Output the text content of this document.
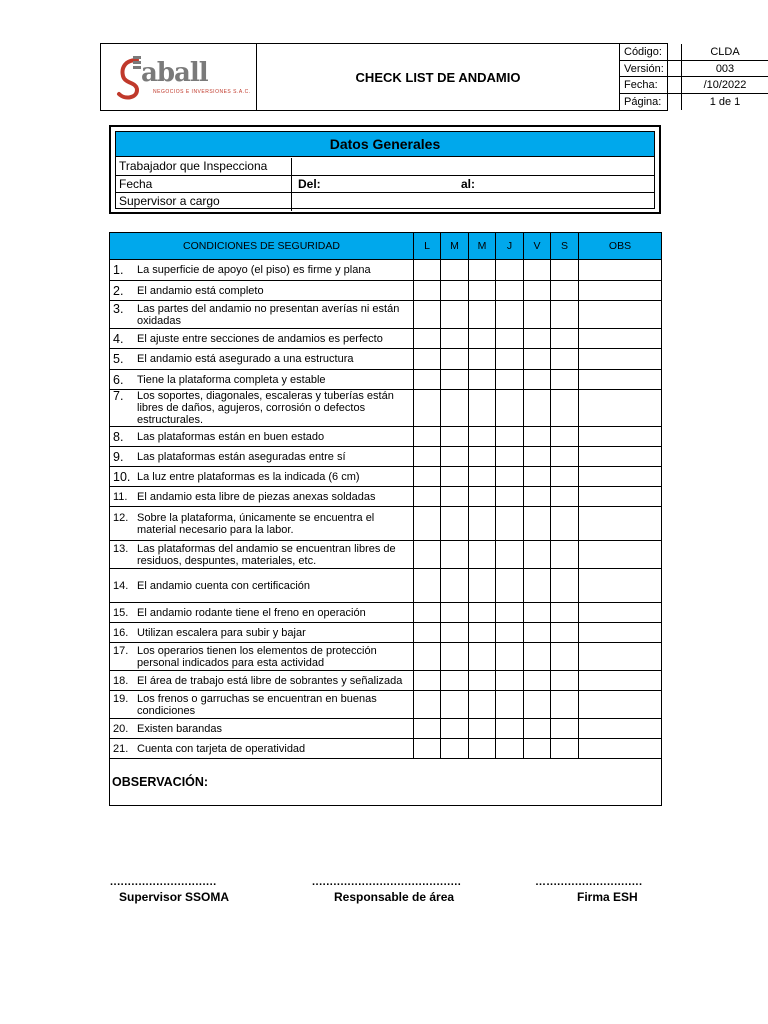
aball
NEGOCIOS E INVERSIONES S.A.C.
CHECK LIST DE ANDAMIO
Código:	CLDA
Versión:	003
Fecha:	/10/2022
Página:	1 de 1
Datos Generales
Trabajador que Inspecciona
Fecha	Del:	al:
Supervisor a cargo
CONDICIONES DE SEGURIDAD	L	M	M	J	V	S	OBS
1. La superficie de apoyo (el piso) es firme y plana							
2. El andamio está completo							
3. Las partes del andamio no presentan averías ni están oxidadas							
4. El ajuste entre secciones de andamios es perfecto							
5. El andamio está asegurado a una estructura							
6. Tiene la plataforma completa y estable							
7. Los soportes, diagonales, escaleras y tuberías están libres de daños, agujeros, corrosión o defectos estructurales.							
8. Las plataformas están en buen estado							
9. Las plataformas están aseguradas entre sí							
10. La luz entre plataformas es la indicada (6 cm)							
11. El andamio esta libre de piezas anexas soldadas							
12. Sobre la plataforma, únicamente se encuentra el material necesario para la labor.							
13. Las plataformas del andamio se encuentran libres de residuos, despuntes, materiales, etc.							
14. El andamio cuenta con certificación							
15. El andamio rodante tiene el freno en operación							
16. Utilizan escalera para subir y bajar							
17. Los operarios tienen los elementos de protección personal indicados para esta actividad							
18. El área de trabajo está libre de sobrantes y señalizada							
19. Los frenos o garruchas se encuentran en buenas condiciones							
20. Existen barandas							
21. Cuenta con tarjeta de operatividad							
OBSERVACIÓN:							
..............................
Supervisor SSOMA
..........................................
Responsable de área
…...........................
Firma ESH
